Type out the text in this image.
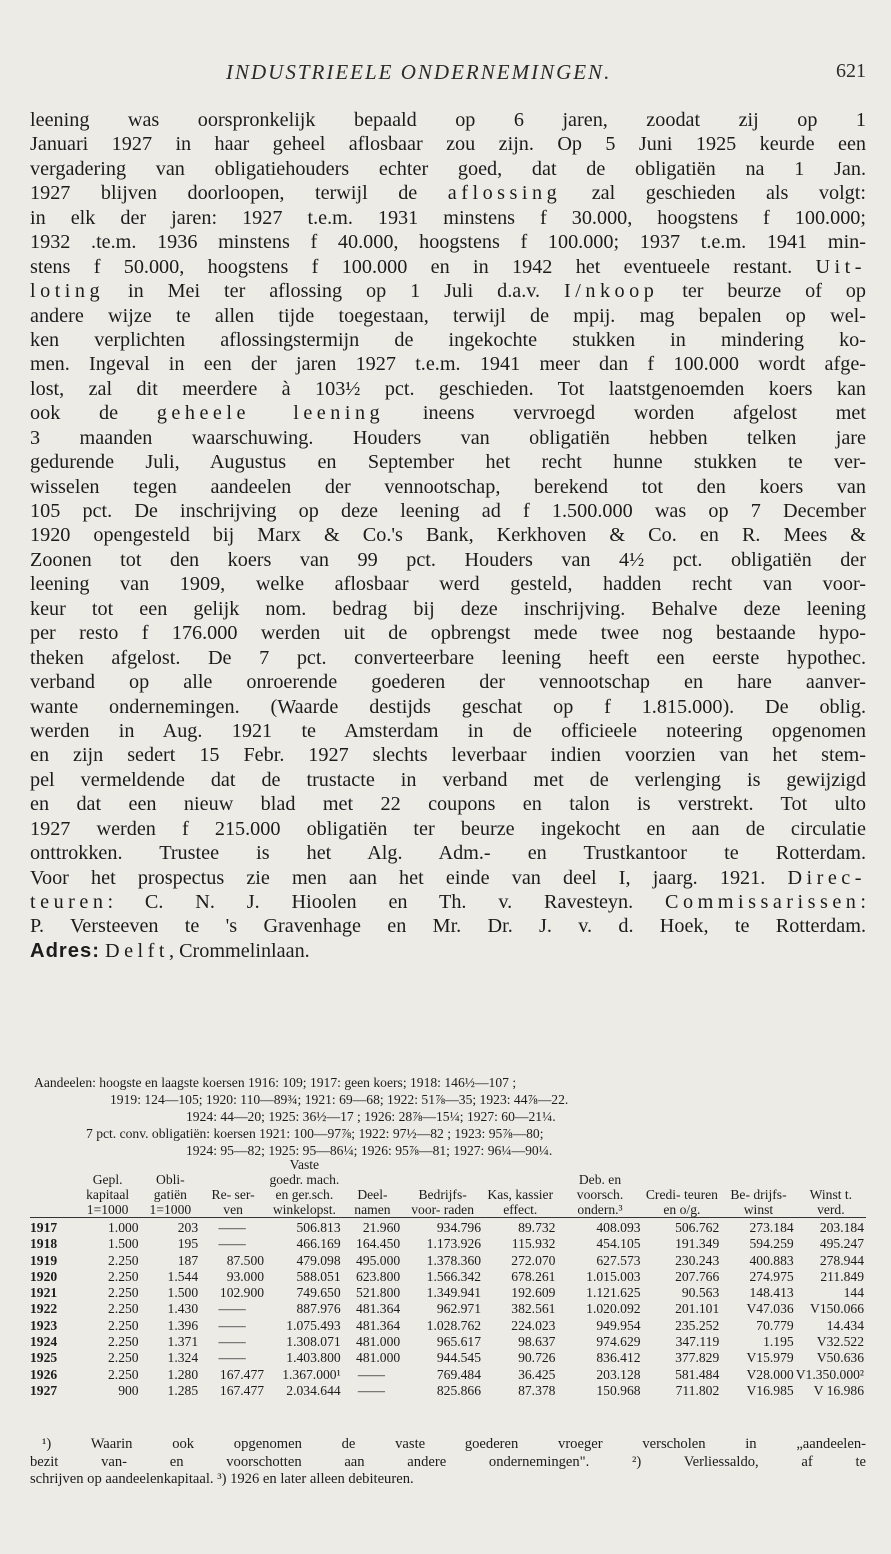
INDUSTRIEELE ONDERNEMINGEN.	621
leening was oorspronkelijk bepaald op 6 jaren, zoodat zij op 1
Januari 1927 in haar geheel aflosbaar zou zijn. Op 5 Juni 1925 keurde een
vergadering van obligatiehouders echter goed, dat de obligatiën na 1 Jan.
1927 blijven doorloopen, terwijl de aflossing zal geschieden als volgt:
in elk der jaren: 1927 t.e.m. 1931 minstens f 30.000, hoogstens f 100.000;
1932 .te.m. 1936 minstens f 40.000, hoogstens f 100.000; 1937 t.e.m. 1941 min-
stens f 50.000, hoogstens f 100.000 en in 1942 het eventueele restant. Uit-
loting in Mei ter aflossing op 1 Juli d.a.v. I/nkoop ter beurze of op
andere wijze te allen tijde toegestaan, terwijl de mpij. mag bepalen op wel-
ken verplichten aflossingstermijn de ingekochte stukken in mindering ko-
men. Ingeval in een der jaren 1927 t.e.m. 1941 meer dan f 100.000 wordt afge-
lost, zal dit meerdere à 103½ pct. geschieden. Tot laatstgenoemden koers kan
ook de geheele leening ineens vervroegd worden afgelost met
3 maanden waarschuwing. Houders van obligatiën hebben telken jare
gedurende Juli, Augustus en September het recht hunne stukken te ver-
wisselen tegen aandeelen der vennootschap, berekend tot den koers van
105 pct. De inschrijving op deze leening ad f 1.500.000 was op 7 December
1920 opengesteld bij Marx & Co.'s Bank, Kerkhoven & Co. en R. Mees &
Zoonen tot den koers van 99 pct. Houders van 4½ pct. obligatiën der
leening van 1909, welke aflosbaar werd gesteld, hadden recht van voor-
keur tot een gelijk nom. bedrag bij deze inschrijving. Behalve deze leening
per resto f 176.000 werden uit de opbrengst mede twee nog bestaande hypo-
theken afgelost. De 7 pct. converteerbare leening heeft een eerste hypothec.
verband op alle onroerende goederen der vennootschap en hare aanver-
wante ondernemingen. (Waarde destijds geschat op f 1.815.000). De oblig.
werden in Aug. 1921 te Amsterdam in de officieele noteering opgenomen
en zijn sedert 15 Febr. 1927 slechts leverbaar indien voorzien van het stem-
pel vermeldende dat de trustacte in verband met de verlenging is gewijzigd
en dat een nieuw blad met 22 coupons en talon is verstrekt. Tot ulto
1927 werden f 215.000 obligatiën ter beurze ingekocht en aan de circulatie
onttrokken. Trustee is het Alg. Adm.- en Trustkantoor te Rotterdam.
Voor het prospectus zie men aan het einde van deel I, jaarg. 1921. Direc-
teuren: C. N. J. Hioolen en Th. v. Ravesteyn. Commissarissen:
P. Versteeven te 's Gravenhage en Mr. Dr. J. v. d. Hoek, te Rotterdam.
Adres: Delft, Crommelinlaan.
Aandeelen: hoogste en laagste koersen 1916: 109; 1917: geen koers; 1918: 146½—107 ;
1919: 124—105; 1920: 110—89¾; 1921: 69—68; 1922: 51⅞—35; 1923: 44⅞—22.
1924: 44—20; 1925: 36½—17 ; 1926: 28⅞—15¼; 1927: 60—21¼.
7 pct. conv. obligatiën: koersen 1921: 100—97⅞; 1922: 97½—82 ; 1923: 95⅞—80;
1924: 95—82; 1925: 95—86¼; 1926: 95⅞—81; 1927: 96¼—90¼.
				Vaste							
	Gepl. kapitaal 1=1000	Obli- gatiën 1=1000	Re- ser- ven	goedr. mach. en ger.sch. winkelopst.	Deel- namen	Bedrijfs- voor- raden	Kas, kassier effect.	Deb. en voorsch. ondern.³	Credi- teuren en o/g.	Be- drijfs- winst	Winst t. verd.
1917	1.000	203	——	506.813	21.960	934.796	89.732	408.093	506.762	273.184	203.184
1918	1.500	195	——	466.169	164.450	1.173.926	115.932	454.105	191.349	594.259	495.247
1919	2.250	187	87.500	479.098	495.000	1.378.360	272.070	627.573	230.243	400.883	278.944
1920	2.250	1.544	93.000	588.051	623.800	1.566.342	678.261	1.015.003	207.766	274.975	211.849
1921	2.250	1.500	102.900	749.650	521.800	1.349.941	192.609	1.121.625	90.563	148.413	144
1922	2.250	1.430	——	887.976	481.364	962.971	382.561	1.020.092	201.101	V47.036	V150.066
1923	2.250	1.396	——	1.075.493	481.364	1.028.762	224.023	949.954	235.252	70.779	14.434
1924	2.250	1.371	——	1.308.071	481.000	965.617	98.637	974.629	347.119	1.195	V32.522
1925	2.250	1.324	——	1.403.800	481.000	944.545	90.726	836.412	377.829	V15.979	V50.636
1926	2.250	1.280	167.477	1.367.000¹	——	769.484	36.425	203.128	581.484	V28.000	V1.350.000²
1927	900	1.285	167.477	2.034.644	——	825.866	87.378	150.968	711.802	V16.985	V 16.986
¹) Waarin ook opgenomen de vaste goederen vroeger verscholen in „aandeelen-
bezit van- en voorschotten aan andere ondernemingen". ²) Verliessaldo, af te
schrijven op aandeelenkapitaal. ³) 1926 en later alleen debiteuren.
